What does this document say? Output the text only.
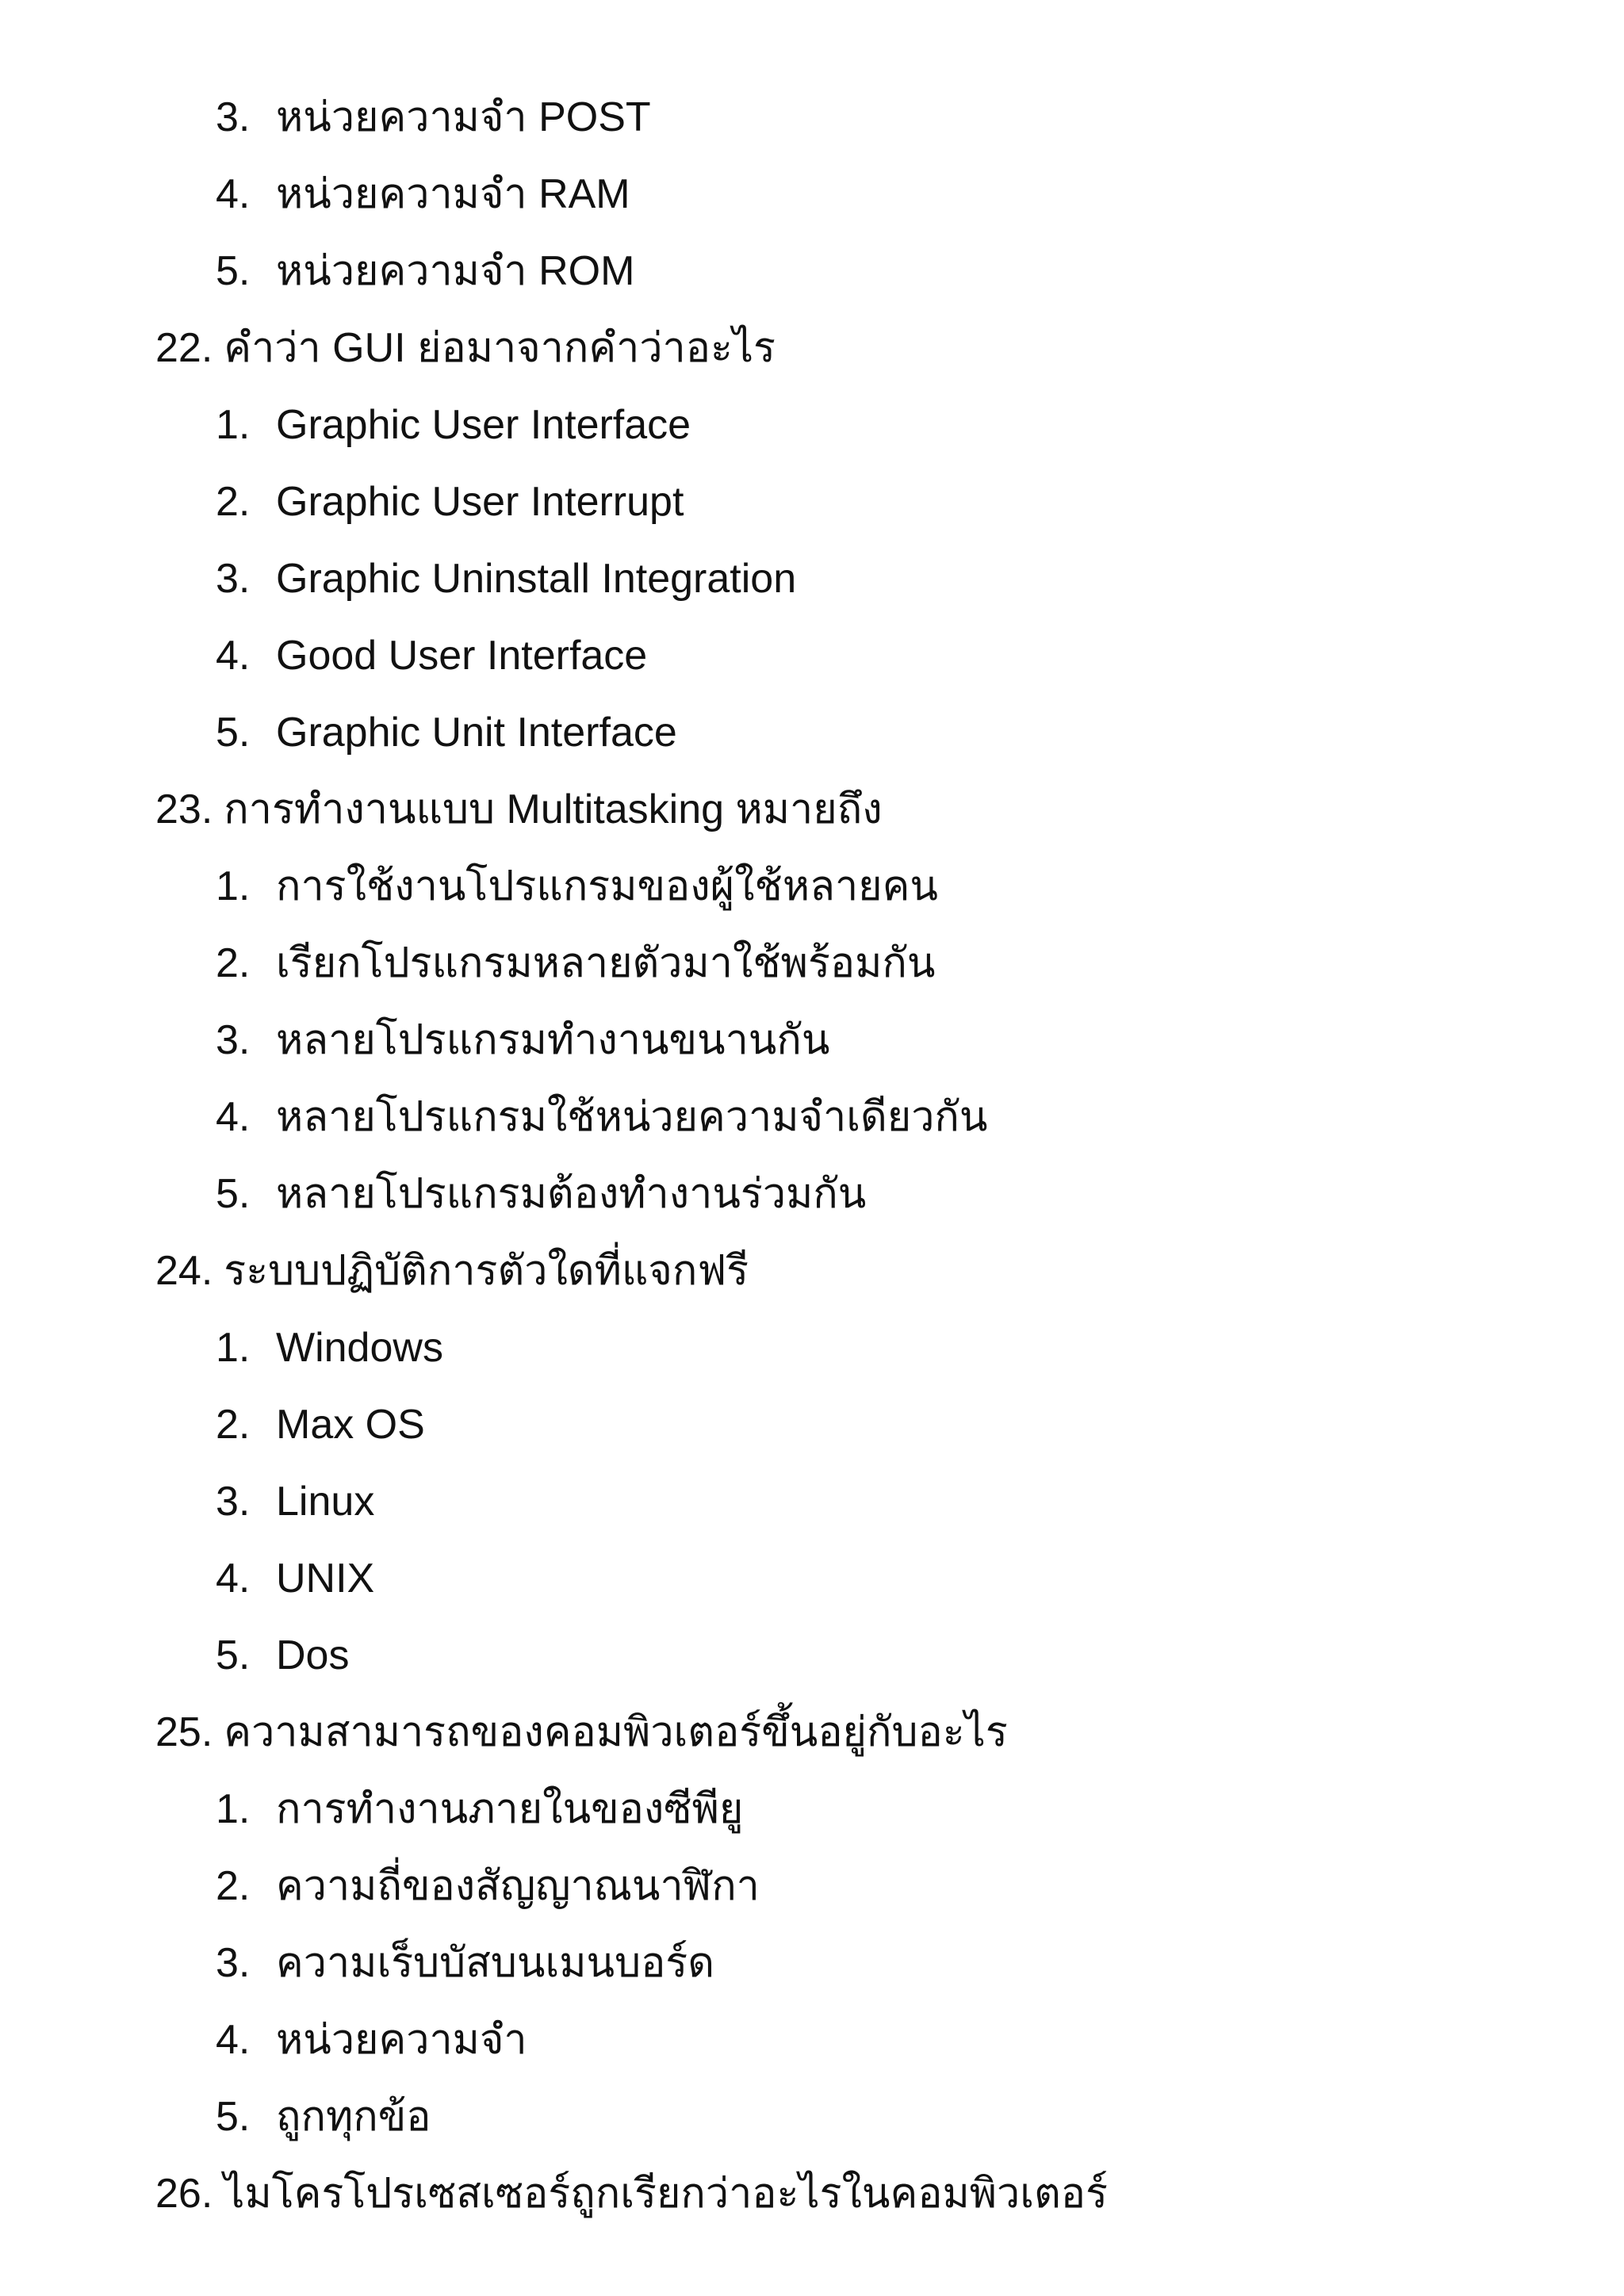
3. หน่วยความจำ POST
4. หน่วยความจำ RAM
5. หน่วยความจำ ROM
22. คำว่า GUI ย่อมาจากคำว่าอะไร
1. Graphic User Interface
2. Graphic User Interrupt
3. Graphic Uninstall Integration
4. Good User Interface
5. Graphic Unit Interface
23. การทำงานแบบ Multitasking หมายถึง
1. การใช้งานโปรแกรมของผู้ใช้หลายคน
2. เรียกโปรแกรมหลายตัวมาใช้พร้อมกัน
3. หลายโปรแกรมทำงานขนานกัน
4. หลายโปรแกรมใช้หน่วยความจำเดียวกัน
5. หลายโปรแกรมต้องทำงานร่วมกัน
24. ระบบปฏิบัติการตัวใดที่แจกฟรี
1. Windows
2. Max OS
3. Linux
4. UNIX
5. Dos
25. ความสามารถของคอมพิวเตอร์ขึ้นอยู่กับอะไร
1. การทำงานภายในของซีพียู
2. ความถี่ของสัญญาณนาฬิกา
3. ความเร็บบัสบนเมนบอร์ด
4. หน่วยความจำ
5. ถูกทุกข้อ
26. ไมโครโปรเซสเซอร์ถูกเรียกว่าอะไรในคอมพิวเตอร์
